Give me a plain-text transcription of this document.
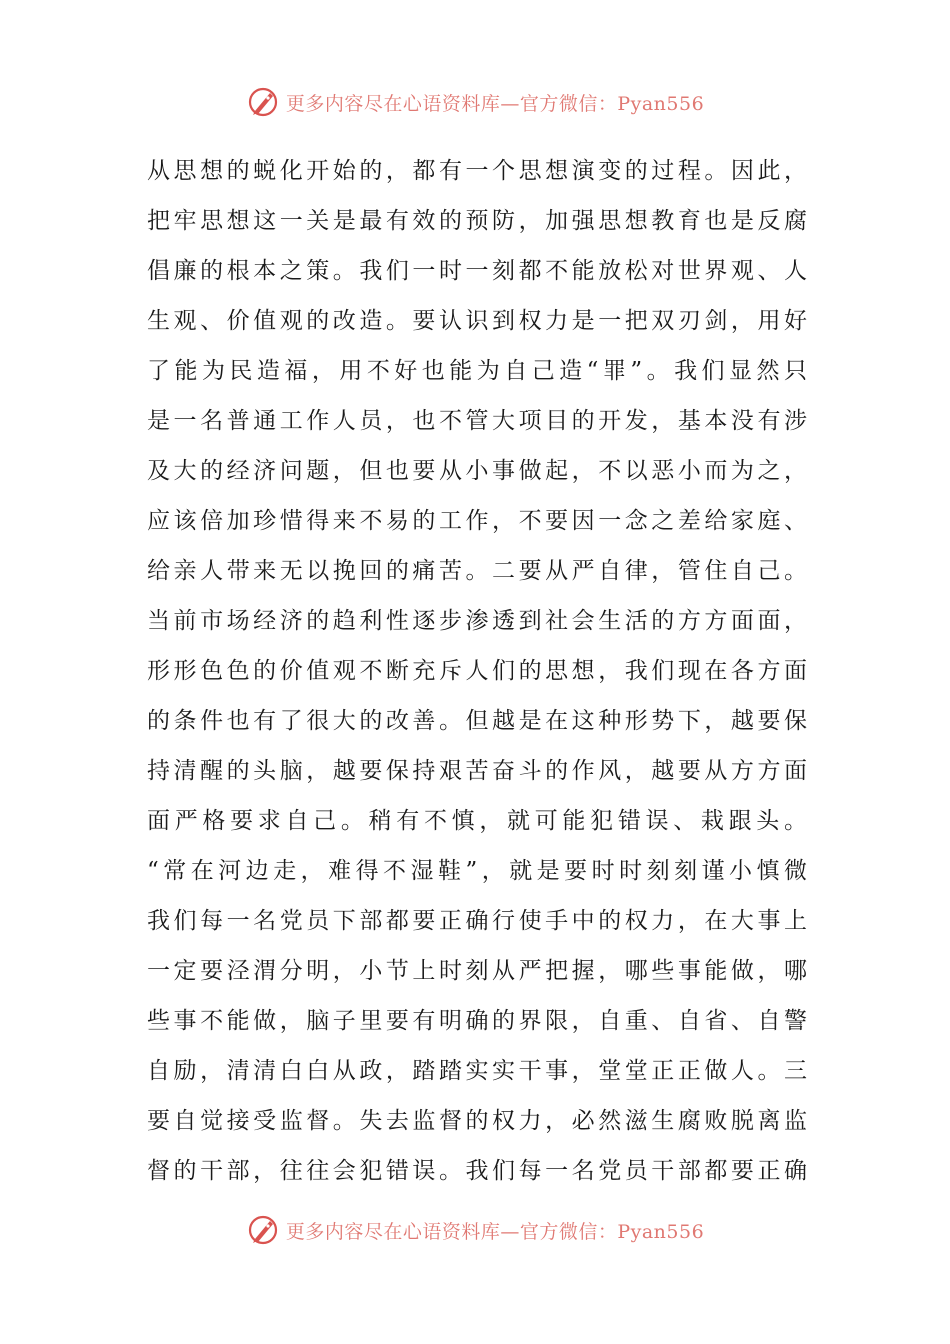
更多内容尽在心语资料库—官方微信：Pyan556
从思想的蜕化开始的，都有一个思想演变的过程。因此，
把牢思想这一关是最有效的预防，加强思想教育也是反腐
倡廉的根本之策。我们一时一刻都不能放松对世界观、人
生观、价值观的改造。要认识到权力是一把双刃剑，用好
了能为民造福，用不好也能为自己造“罪”。我们显然只
是一名普通工作人员，也不管大项目的开发，基本没有涉
及大的经济问题，但也要从小事做起，不以恶小而为之，
应该倍加珍惜得来不易的工作，不要因一念之差给家庭、
给亲人带来无以挽回的痛苦。二要从严自律，管住自己。
当前市场经济的趋利性逐步渗透到社会生活的方方面面，
形形色色的价值观不断充斥人们的思想，我们现在各方面
的条件也有了很大的改善。但越是在这种形势下，越要保
持清醒的头脑，越要保持艰苦奋斗的作风，越要从方方面
面严格要求自己。稍有不慎，就可能犯错误、栽跟头。
“常在河边走，难得不湿鞋”，就是要时时刻刻谨小慎微
我们每一名党员下部都要正确行使手中的权力，在大事上
一定要泾渭分明，小节上时刻从严把握，哪些事能做，哪
些事不能做，脑子里要有明确的界限，自重、自省、自警
自励，清清白白从政，踏踏实实干事，堂堂正正做人。三
要自觉接受监督。失去监督的权力，必然滋生腐败脱离监
督的干部，往往会犯错误。我们每一名党员干部都要正确
更多内容尽在心语资料库—官方微信：Pyan556
